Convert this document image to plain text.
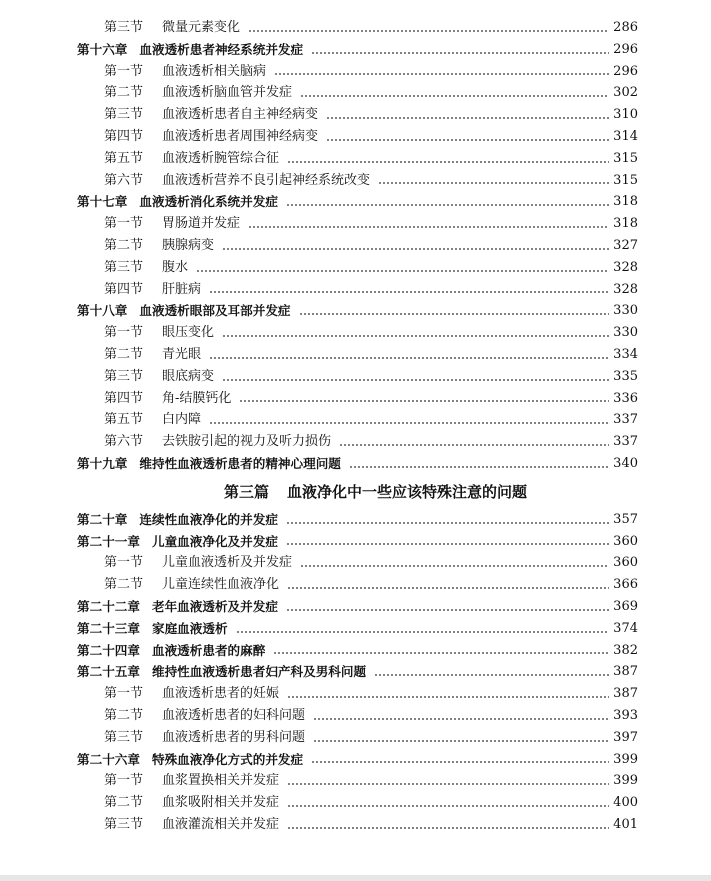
第三节	微量元素变化	286
第十六章 血液透析患者神经系统并发症	296
第一节	血液透析相关脑病	296
第二节	血液透析脑血管并发症	302
第三节	血液透析患者自主神经病变	310
第四节	血液透析患者周围神经病变	314
第五节	血液透析腕管综合征	315
第六节	血液透析营养不良引起神经系统改变	315
第十七章 血液透析消化系统并发症	318
第一节	胃肠道并发症	318
第二节	胰腺病变	327
第三节	腹水	328
第四节	肝脏病	328
第十八章 血液透析眼部及耳部并发症	330
第一节	眼压变化	330
第二节	青光眼	334
第三节	眼底病变	335
第四节	角-结膜钙化	336
第五节	白内障	337
第六节	去铁胺引起的视力及听力损伤	337
第十九章 维持性血液透析患者的精神心理问题	340
第三篇 血液净化中一些应该特殊注意的问题
第二十章 连续性血液净化的并发症	357
第二十一章 儿童血液净化及并发症	360
第一节	儿童血液透析及并发症	360
第二节	儿童连续性血液净化	366
第二十二章 老年血液透析及并发症	369
第二十三章 家庭血液透析	374
第二十四章 血液透析患者的麻醉	382
第二十五章 维持性血液透析患者妇产科及男科问题	387
第一节	血液透析患者的妊娠	387
第二节	血液透析患者的妇科问题	393
第三节	血液透析患者的男科问题	397
第二十六章 特殊血液净化方式的并发症	399
第一节	血浆置换相关并发症	399
第二节	血浆吸附相关并发症	400
第三节	血液灌流相关并发症	401
